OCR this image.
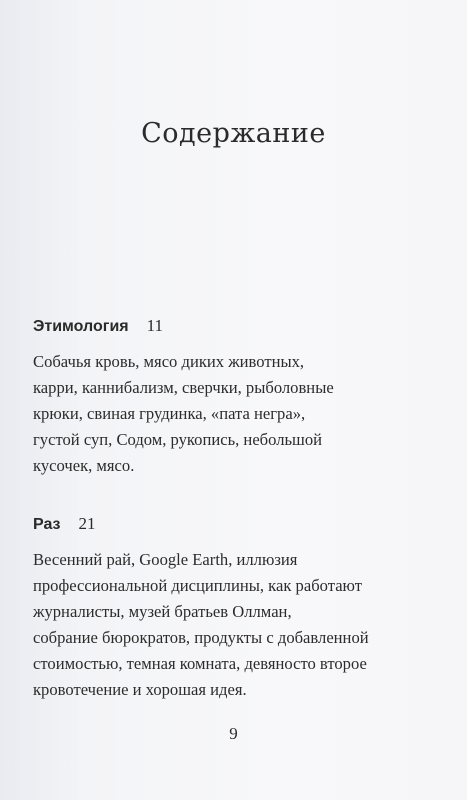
Содержание
Этимология 11

Собачья кровь, мясо диких животных,
карри, каннибализм, сверчки, рыболовные
крюки, свиная грудинка, «пата негра»,
густой суп, Содом, рукопись, небольшой
кусочек, мясо.

Раз 21

Весенний рай, Google Earth, иллюзия
профессиональной дисциплины, как работают
журналисты, музей братьев Оллман,
собрание бюрократов, продукты с добавленной
стоимостью, темная комната, девяносто второе
кровотечение и хорошая идея.

9
